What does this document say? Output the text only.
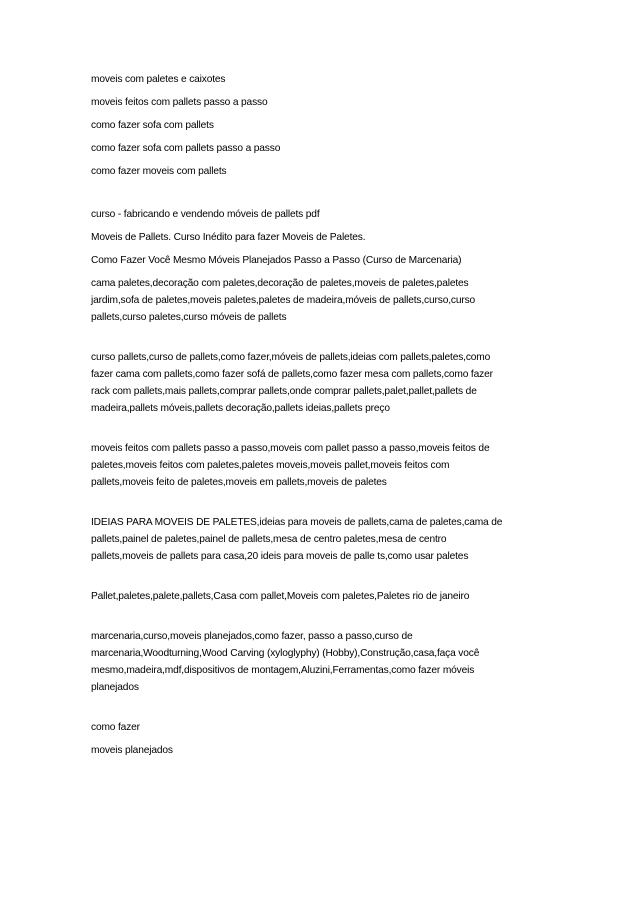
moveis com paletes e caixotes

moveis feitos com pallets passo a passo

como fazer sofa com pallets

como fazer sofa com pallets passo a passo

como fazer moveis com pallets

curso - fabricando e vendendo móveis de pallets pdf

Moveis de Pallets. Curso Inédito para fazer Moveis de Paletes.

Como Fazer Você Mesmo Móveis Planejados Passo a Passo (Curso de Marcenaria)

cama paletes,decoração com paletes,decoração de paletes,moveis de paletes,paletes

jardim,sofa de paletes,moveis paletes,paletes de madeira,móveis de pallets,curso,curso

pallets,curso paletes,curso móveis de pallets

curso pallets,curso de pallets,como fazer,móveis de pallets,ideias com pallets,paletes,como

fazer cama com pallets,como fazer sofá de pallets,como fazer mesa com pallets,como fazer

rack com pallets,mais pallets,comprar pallets,onde comprar pallets,palet,pallet,pallets de

madeira,pallets móveis,pallets decoração,pallets ideias,pallets preço

moveis feitos com pallets passo a passo,moveis com pallet passo a passo,moveis feitos de

paletes,moveis feitos com paletes,paletes moveis,moveis pallet,moveis feitos com

pallets,moveis feito de paletes,moveis em pallets,moveis de paletes

IDEIAS PARA MOVEIS DE PALETES,ideias para moveis de pallets,cama de paletes,cama de

pallets,painel de paletes,painel de pallets,mesa de centro paletes,mesa de centro

pallets,moveis de pallets para casa,20 ideis para moveis de palle ts,como usar paletes

Pallet,paletes,palete,pallets,Casa com pallet,Moveis com paletes,Paletes rio de janeiro

marcenaria,curso,moveis planejados,como fazer, passo a passo,curso de

marcenaria,Woodturning,Wood Carving (xyloglyphy) (Hobby),Construção,casa,faça você

mesmo,madeira,mdf,dispositivos de montagem,Aluzini,Ferramentas,como fazer móveis

planejados

como fazer

moveis planejados
